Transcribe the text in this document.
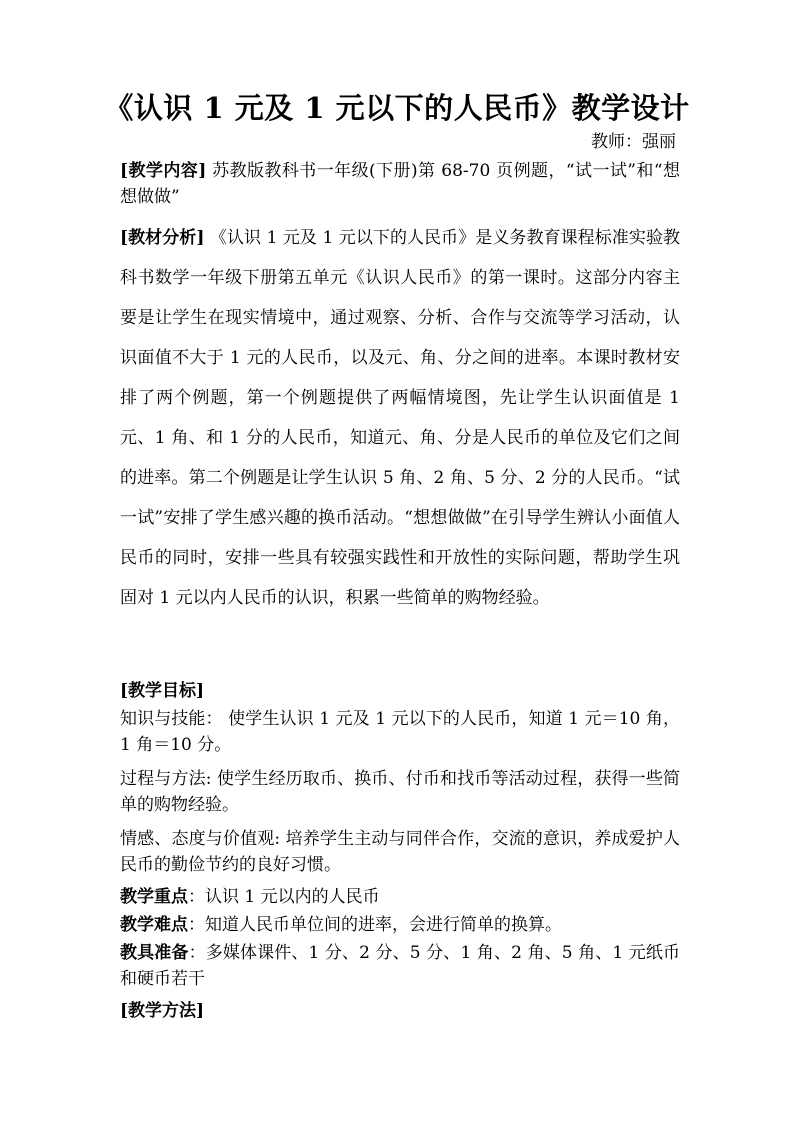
《认识 1 元及 1 元以下的人民币》教学设计
教师：强丽

[教学内容] 苏教版教科书一年级(下册)第 68-70 页例题，“试一试”和“想想做做”

[教材分析] 《认识 1 元及 1 元以下的人民币》是义务教育课程标准实验教科书数学一年级下册第五单元《认识人民币》的第一课时。这部分内容主要是让学生在现实情境中，通过观察、分析、合作与交流等学习活动，认识面值不大于 1 元的人民币，以及元、角、分之间的进率。本课时教材安排了两个例题，第一个例题提供了两幅情境图，先让学生认识面值是 1 元、1 角、和 1 分的人民币，知道元、角、分是人民币的单位及它们之间的进率。第二个例题是让学生认识 5 角、2 角、5 分、2 分的人民币。“试一试”安排了学生感兴趣的换币活动。“想想做做”在引导学生辨认小面值人民币的同时，安排一些具有较强实践性和开放性的实际问题，帮助学生巩固对 1 元以内人民币的认识，积累一些简单的购物经验。

[教学目标]

知识与技能： 使学生认识 1 元及 1 元以下的人民币，知道 1 元＝10 角，1 角＝10 分。

过程与方法: 使学生经历取币、换币、付币和找币等活动过程，获得一些简单的购物经验。

情感、态度与价值观: 培养学生主动与同伴合作，交流的意识，养成爱护人民币的勤俭节约的良好习惯。

教学重点：认识 1 元以内的人民币

教学难点：知道人民币单位间的进率，会进行简单的换算。

教具准备：多媒体课件、1 分、2 分、5 分、1 角、2 角、5 角、1 元纸币和硬币若干

[教学方法]
